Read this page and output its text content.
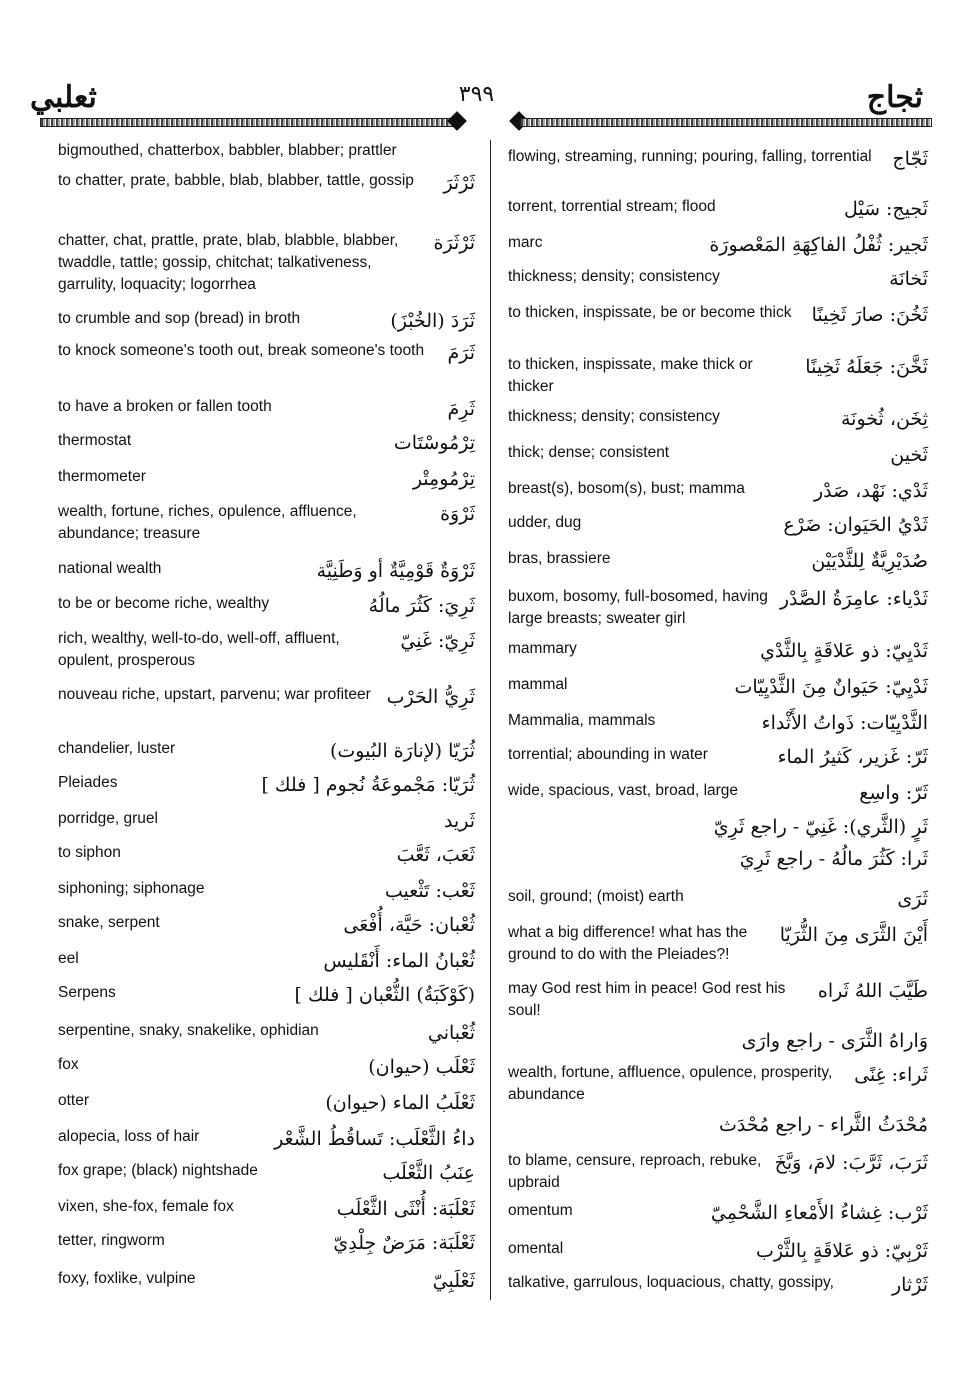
ثعلبي	٣٩٩	ثجاج
bigmouthed, chatterbox, babbler, blabber; prattler
ثَرْثَرَ
to chatter, prate, babble, blab, blabber, tattle, gossip
ثَرْثَرَة
chatter, chat, prattle, prate, blab, blabble, blabber, twaddle, tattle; gossip, chitchat; talkativeness, garrulity, loquacity; logorrhea
ثَرَدَ (الخُبْزَ)
to crumble and sop (bread) in broth
ثَرَمَ
to knock someone's tooth out, break someone's tooth
ثَرِمَ
to have a broken or fallen tooth
تِرْمُوسْتَات
thermostat
تِرْمُومِتْر
thermometer
ثَرْوَة
wealth, fortune, riches, opulence, affluence, abundance; treasure
ثَرْوَةٌ قَوْمِيَّةٌ أو وَطَنِيَّة
national wealth
ثَرِيَ: كَثُرَ مالُهُ
to be or become riche, wealthy
ثَرِيّ: غَنِيّ
rich, wealthy, well-to-do, well-off, affluent, opulent, prosperous
ثَرِيُّ الحَرْب
nouveau riche, upstart, parvenu; war profiteer
ثُرَيّا (لإنارَة البُيوت)
chandelier, luster
ثُرَيّا: مَجْموعَةُ نُجوم [ فلك ]
Pleiades
ثَريد
porridge, gruel
ثَعَبَ، ثَعَّبَ
to siphon
ثَعْب: تَثْعيب
siphoning; siphonage
ثُعْبان: حَيَّة، أُفْعَى
snake, serpent
ثُعْبانُ الماء: أَنْقَليس
eel
(كَوْكَبَةُ) الثُّعْبان [ فلك ]
Serpens
ثُعْباني
serpentine, snaky, snakelike, ophidian
ثَعْلَب (حيوان)
fox
ثَعْلَبُ الماء (حيوان)
otter
داءُ الثَّعْلَب: تَساقُطُ الشَّعْر
alopecia, loss of hair
عِنَبُ الثَّعْلَب
fox grape; (black) nightshade
ثَعْلَبَة: أُنْثَى الثَّعْلَب
vixen, she-fox, female fox
ثَعْلَبَة: مَرَضٌ جِلْدِيّ
tetter, ringworm
ثَعْلَبِيّ
foxy, foxlike, vulpine
ثَجّاج
flowing, streaming, running; pouring, falling, torrential
ثَجيج: سَيْل
torrent, torrential stream; flood
ثَجير: ثُفْلُ الفاكِهَةِ المَعْصورَة
marc
ثَخانَة
thickness; density; consistency
ثَخُنَ: صارَ ثَخِينًا
to thicken, inspissate, be or become thick
ثَخَّنَ: جَعَلَهُ ثَخِينًا
to thicken, inspissate, make thick or thicker
ثِخَن، ثُخونَة
thickness; density; consistency
ثَخين
thick; dense; consistent
ثَدْي: نَهْد، صَدْر
breast(s), bosom(s), bust; mamma
ثَدْيُ الحَيَوان: ضَرْع
udder, dug
صُدَيْرِيَّةٌ لِلثَّدْيَيْن
bras, brassiere
ثَدْياء: عامِرَةُ الصَّدْر
buxom, bosomy, full-bosomed, having large breasts; sweater girl
ثَدْيِيّ: ذو عَلاقَةٍ بِالثَّدْي
mammary
ثَدْيِيّ: حَيَوانٌ مِنَ الثَّدْيِيّات
mammal
الثَّدْيِيّات: ذَواتُ الأَثْداء
Mammalia, mammals
ثَرّ: غَزير، كَثيرُ الماء
torrential; abounding in water
ثَرّ: واسِع
wide, spacious, vast, broad, large
ثَرٍ (الثَّري): غَنِيّ - راجع ثَرِيّ
ثَرا: كَثُرَ مالُهُ - راجع ثَرِيَ
ثَرَى
soil, ground; (moist) earth
أَيْنَ الثَّرَى مِنَ الثُّرَيّا
what a big difference! what has the ground to do with the Pleiades?!
طَيَّبَ اللهُ ثَراه
may God rest him in peace! God rest his soul!
وَاراهُ الثَّرَى - راجع وارَى
ثَراء: غِنًى
wealth, fortune, affluence, opulence, prosperity, abundance
مُحْدَثُ الثَّراء - راجع مُحْدَث
ثَرَبَ، ثَرَّبَ: لامَ، وَبَّخَ
to blame, censure, reproach, rebuke, upbraid
ثَرْب: غِشاءُ الأَمْعاءِ الشَّحْمِيّ
omentum
ثَرْبِيّ: ذو عَلاقَةٍ بِالثَّرْب
omental
ثَرْثار
talkative, garrulous, loquacious, chatty, gossipy,
